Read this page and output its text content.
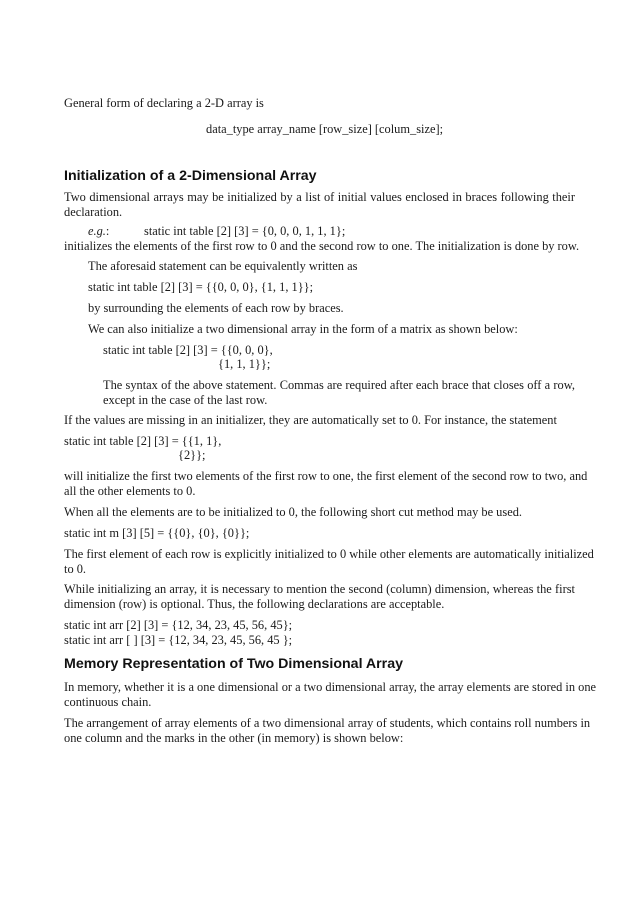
General form of declaring a 2-D array is
data_type array_name [row_size] [colum_size];
Initialization of a 2-Dimensional Array
Two dimensional arrays may be initialized by a list of initial values enclosed in braces following their
declaration.
e.g.:	static int table [2] [3] = {0, 0, 0, 1, 1, 1};
initializes the elements of the first row to 0 and the second row to one. The initialization is done by row.
The aforesaid statement can be equivalently written as
static int table [2] [3] = {{0, 0, 0}, {1, 1, 1}};
by surrounding the elements of each row by braces.
We can also initialize a two dimensional array in the form of a matrix as shown below:
static int table [2] [3] = {{0, 0, 0},
{1, 1, 1}};
The syntax of the above statement. Commas are required after each brace that closes off a row,
except in the case of the last row.
If the values are missing in an initializer, they are automatically set to 0. For instance, the statement
static int table [2] [3] = {{1, 1},
{2}};
will initialize the first two elements of the first row to one, the first element of the second row to two, and
all the other elements to 0.
When all the elements are to be initialized to 0, the following short cut method may be used.
static int m [3] [5] = {{0}, {0}, {0}};
The first element of each row is explicitly initialized to 0 while other elements are automatically initialized
to 0.
While initializing an array, it is necessary to mention the second (column) dimension, whereas the first
dimension (row) is optional. Thus, the following declarations are acceptable.
static int arr [2] [3] = {12, 34, 23, 45, 56, 45};
static int arr [ ] [3] = {12, 34, 23, 45, 56, 45 };
Memory Representation of Two Dimensional Array
In memory, whether it is a one dimensional or a two dimensional array, the array elements are stored in one
continuous chain.
The arrangement of array elements of a two dimensional array of students, which contains roll numbers in
one column and the marks in the other (in memory) is shown below:
